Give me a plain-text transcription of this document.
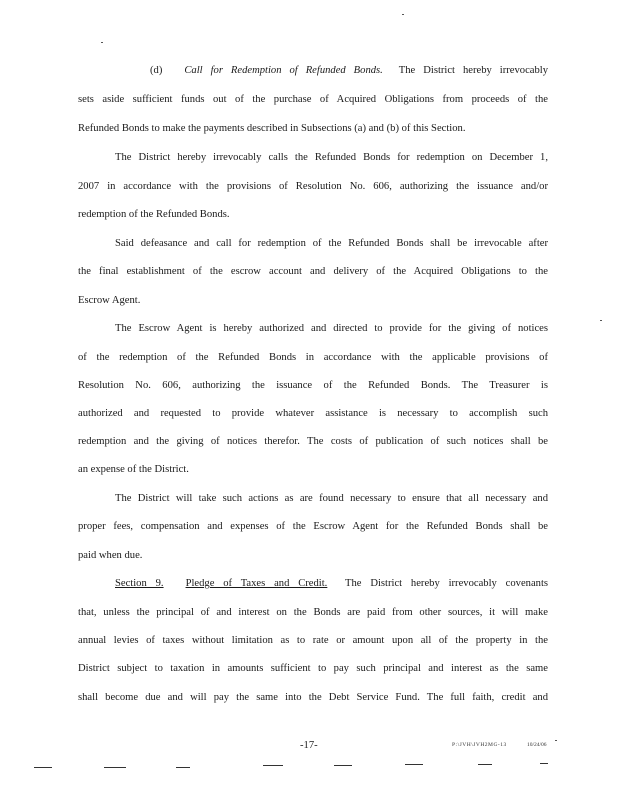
(d) Call for Redemption of Refunded Bonds. The District hereby irrevocably
sets aside sufficient funds out of the purchase of Acquired Obligations from proceeds of the
Refunded Bonds to make the payments described in Subsections (a) and (b) of this Section.
The District hereby irrevocably calls the Refunded Bonds for redemption on December 1,
2007 in accordance with the provisions of Resolution No. 606, authorizing the issuance and/or
redemption of the Refunded Bonds.
Said defeasance and call for redemption of the Refunded Bonds shall be irrevocable after
the final establishment of the escrow account and delivery of the Acquired Obligations to the
Escrow Agent.
The Escrow Agent is hereby authorized and directed to provide for the giving of notices
of the redemption of the Refunded Bonds in accordance with the applicable provisions of
Resolution No. 606, authorizing the issuance of the Refunded Bonds. The Treasurer is
authorized and requested to provide whatever assistance is necessary to accomplish such
redemption and the giving of notices therefor. The costs of publication of such notices shall be
an expense of the District.
The District will take such actions as are found necessary to ensure that all necessary and
proper fees, compensation and expenses of the Escrow Agent for the Refunded Bonds shall be
paid when due.
Section 9. Pledge of Taxes and Credit. The District hereby irrevocably covenants
that, unless the principal of and interest on the Bonds are paid from other sources, it will make
annual levies of taxes without limitation as to rate or amount upon all of the property in the
District subject to taxation in amounts sufficient to pay such principal and interest as the same
shall become due and will pay the same into the Debt Service Fund. The full faith, credit and
-17-	P:\JVH\JVH2MG-13	10/24/06
